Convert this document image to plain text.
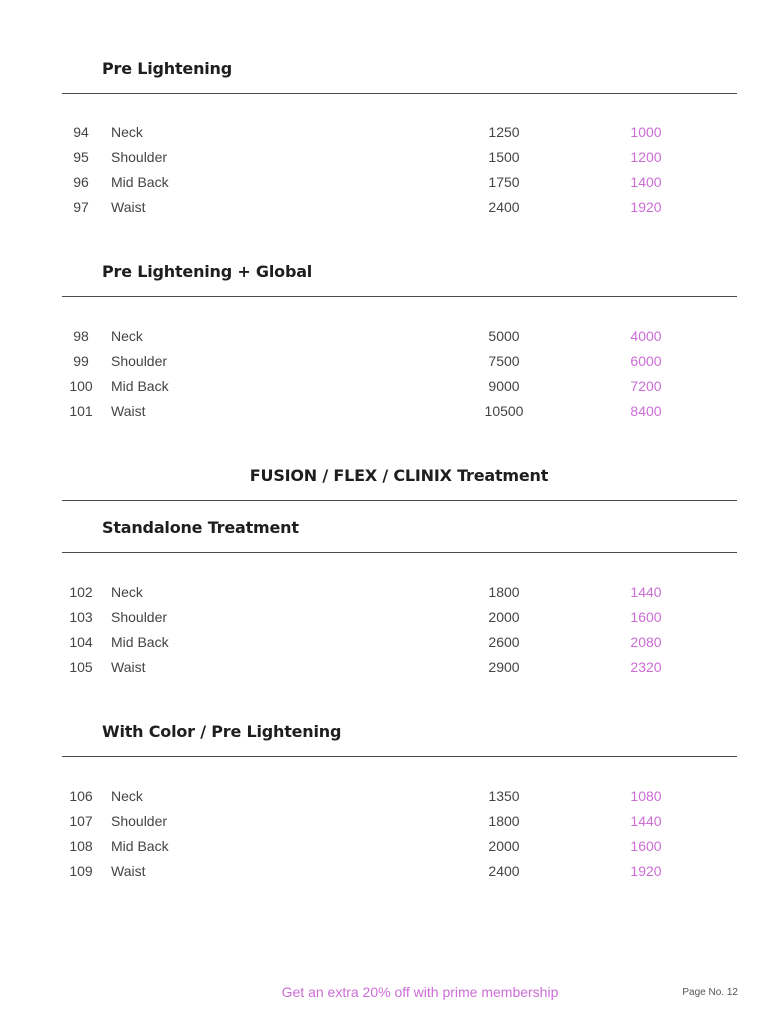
Pre Lightening
94	Neck	1250	1000
95	Shoulder	1500	1200
96	Mid Back	1750	1400
97	Waist	2400	1920
Pre Lightening + Global
98	Neck	5000	4000
99	Shoulder	7500	6000
100	Mid Back	9000	7200
101	Waist	10500	8400
FUSION / FLEX / CLINIX Treatment
Standalone Treatment
102	Neck	1800	1440
103	Shoulder	2000	1600
104	Mid Back	2600	2080
105	Waist	2900	2320
With Color / Pre Lightening
106	Neck	1350	1080
107	Shoulder	1800	1440
108	Mid Back	2000	1600
109	Waist	2400	1920
Get an extra 20% off with prime membership	Page No. 12
